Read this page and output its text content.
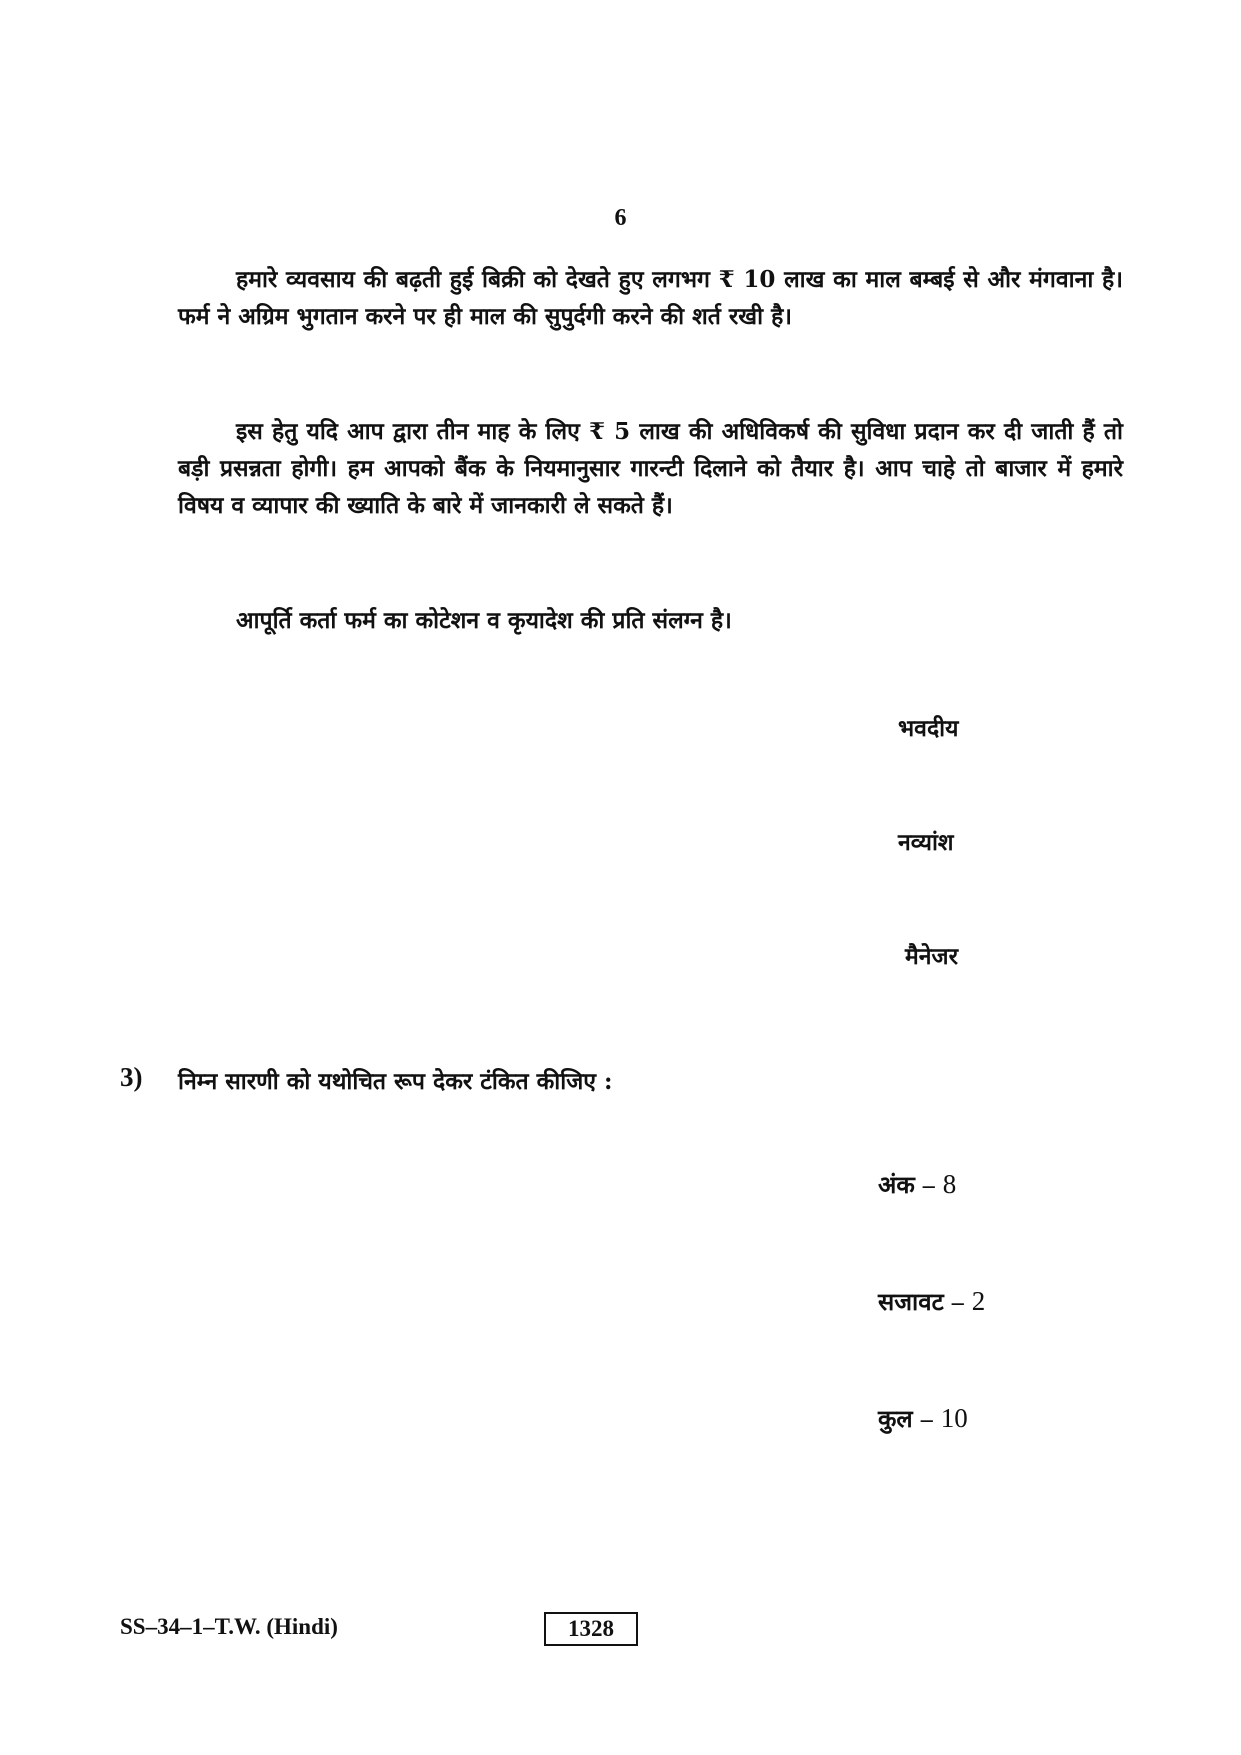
6
हमारे व्यवसाय की बढ़ती हुई बिक्री को देखते हुए लगभग ₹ 10 लाख का माल बम्बई से और मंगवाना है। फर्म ने अग्रिम भुगतान करने पर ही माल की सुपुर्दगी करने की शर्त रखी है।
इस हेतु यदि आप द्वारा तीन माह के लिए ₹ 5 लाख की अधिविकर्ष की सुविधा प्रदान कर दी जाती हैं तो बड़ी प्रसन्नता होगी। हम आपको बैंक के नियमानुसार गारन्टी दिलाने को तैयार है। आप चाहे तो बाजार में हमारे विषय व व्यापार की ख्याति के बारे में जानकारी ले सकते हैं।
आपूर्ति कर्ता फर्म का कोटेशन व कृयादेश की प्रति संलग्न है।
भवदीय
नव्यांश
मैनेजर
3) निम्न सारणी को यथोचित रूप देकर टंकित कीजिए :
अंक – 8
सजावट – 2
कुल – 10
SS–34–1–T.W. (Hindi)	1328
